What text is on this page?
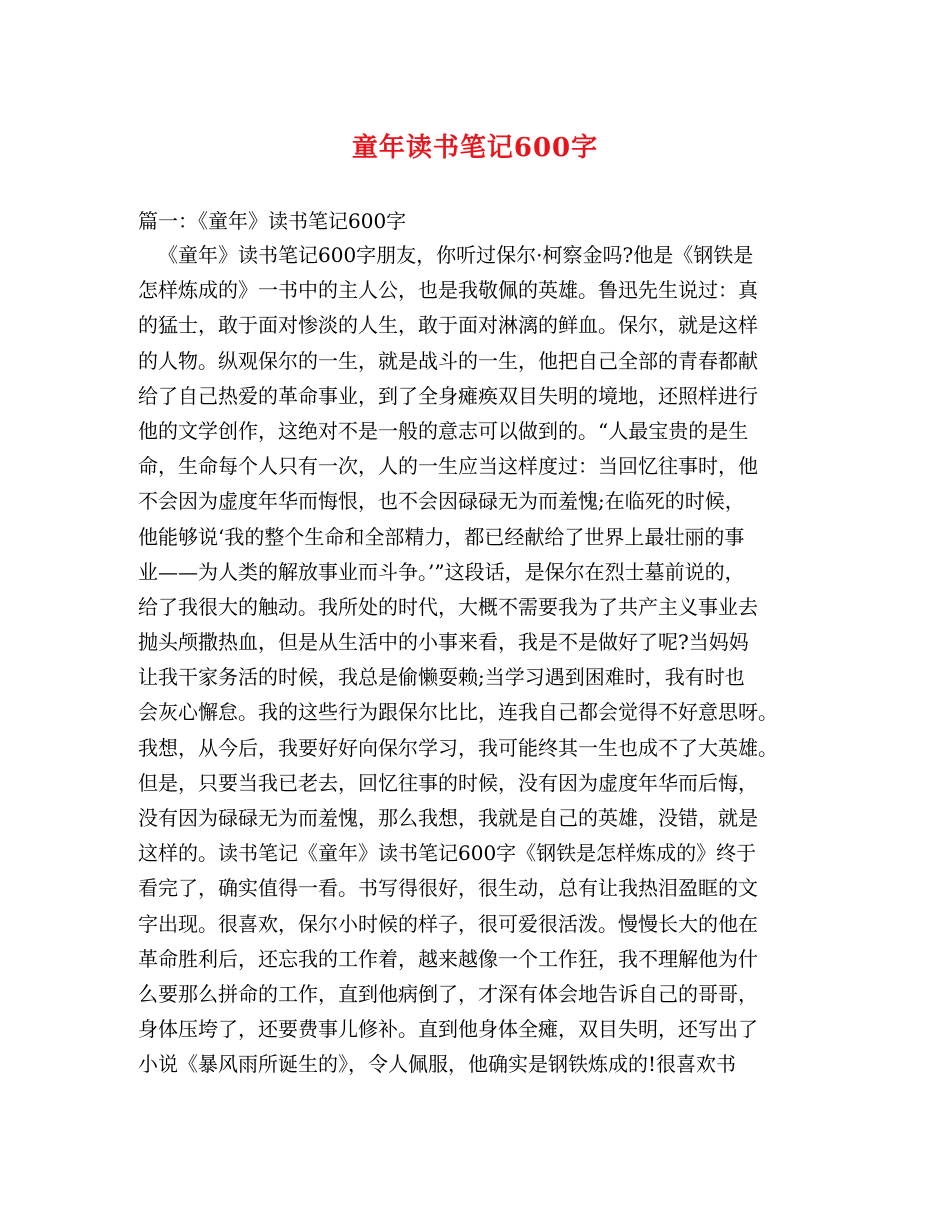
童年读书笔记600字
篇一：《童年》读书笔记600字
《童年》读书笔记600字朋友，你听过保尔·柯察金吗?他是《钢铁是
怎样炼成的》一书中的主人公，也是我敬佩的英雄。鲁迅先生说过：真
的猛士，敢于面对惨淡的人生，敢于面对淋漓的鲜血。保尔，就是这样
的人物。纵观保尔的一生，就是战斗的一生，他把自己全部的青春都献
给了自己热爱的革命事业，到了全身瘫痪双目失明的境地，还照样进行
他的文学创作，这绝对不是一般的意志可以做到的。“人最宝贵的是生
命，生命每个人只有一次，人的一生应当这样度过：当回忆往事时，他
不会因为虚度年华而悔恨，也不会因碌碌无为而羞愧;在临死的时候，
他能够说‘我的整个生命和全部精力，都已经献给了世界上最壮丽的事
业——为人类的解放事业而斗争。’”这段话，是保尔在烈士墓前说的，
给了我很大的触动。我所处的时代，大概不需要我为了共产主义事业去
抛头颅撒热血，但是从生活中的小事来看，我是不是做好了呢?当妈妈
让我干家务活的时候，我总是偷懒耍赖;当学习遇到困难时，我有时也
会灰心懈怠。我的这些行为跟保尔比比，连我自己都会觉得不好意思呀。
我想，从今后，我要好好向保尔学习，我可能终其一生也成不了大英雄。
但是，只要当我已老去，回忆往事的时候，没有因为虚度年华而后悔，
没有因为碌碌无为而羞愧，那么我想，我就是自己的英雄，没错，就是
这样的。读书笔记《童年》读书笔记600字《钢铁是怎样炼成的》终于
看完了，确实值得一看。书写得很好，很生动，总有让我热泪盈眶的文
字出现。很喜欢，保尔小时候的样子，很可爱很活泼。慢慢长大的他在
革命胜利后，还忘我的工作着，越来越像一个工作狂，我不理解他为什
么要那么拼命的工作，直到他病倒了，才深有体会地告诉自己的哥哥，
身体压垮了，还要费事儿修补。直到他身体全瘫，双目失明，还写出了
小说《暴风雨所诞生的》，令人佩服，他确实是钢铁炼成的!很喜欢书
